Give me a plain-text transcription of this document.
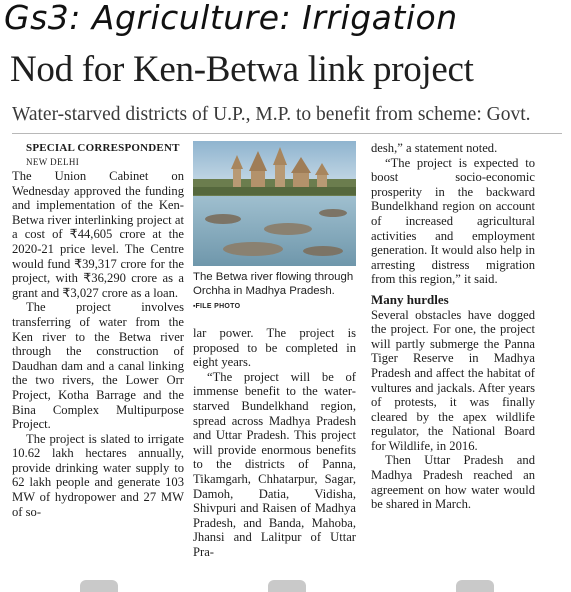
Gs3: Agriculture: Irrigation
Nod for Ken-Betwa link project
Water-starved districts of U.P., M.P. to benefit from scheme: Govt.

SPECIAL CORRESPONDENT

NEW DELHI

The Union Cabinet on Wednesday approved the funding and implementation of the Ken-Betwa river interlinking project at a cost of ₹44,605 crore at the 2020-21 price level. The Centre would fund ₹39,317 crore for the project, with ₹36,290 crore as a grant and ₹3,027 crore as a loan.

The project involves transferring of water from the Ken river to the Betwa river through the construction of Daudhan dam and a canal linking the two rivers, the Lower Orr Project, Kotha Barrage and the Bina Complex Multipurpose Project.

The project is slated to irrigate 10.62 lakh hectares annually, provide drinking water supply to 62 lakh people and generate 103 MW of hydropower and 27 MW of so-

The Betwa river flowing through Orchha in Madhya Pradesh. ▪FILE PHOTO

lar power. The project is proposed to be completed in eight years.

“The project will be of immense benefit to the water-starved Bundelkhand region, spread across Madhya Pradesh and Uttar Pradesh. This project will provide enormous benefits to the districts of Panna, Tikamgarh, Chhatarpur, Sagar, Damoh, Datia, Vidisha, Shivpuri and Raisen of Madhya Pradesh, and Banda, Mahoba, Jhansi and Lalitpur of Uttar Pra-

desh,” a statement noted.

“The project is expected to boost socio-economic prosperity in the backward Bundelkhand region on account of increased agricultural activities and employment generation. It would also help in arresting distress migration from this region,” it said.

Many hurdles

Several obstacles have dogged the project. For one, the project will partly submerge the Panna Tiger Reserve in Madhya Pradesh and affect the habitat of vultures and jackals. After years of protests, it was finally cleared by the apex wildlife regulator, the National Board for Wildlife, in 2016.

Then Uttar Pradesh and Madhya Pradesh reached an agreement on how water would be shared in March.
